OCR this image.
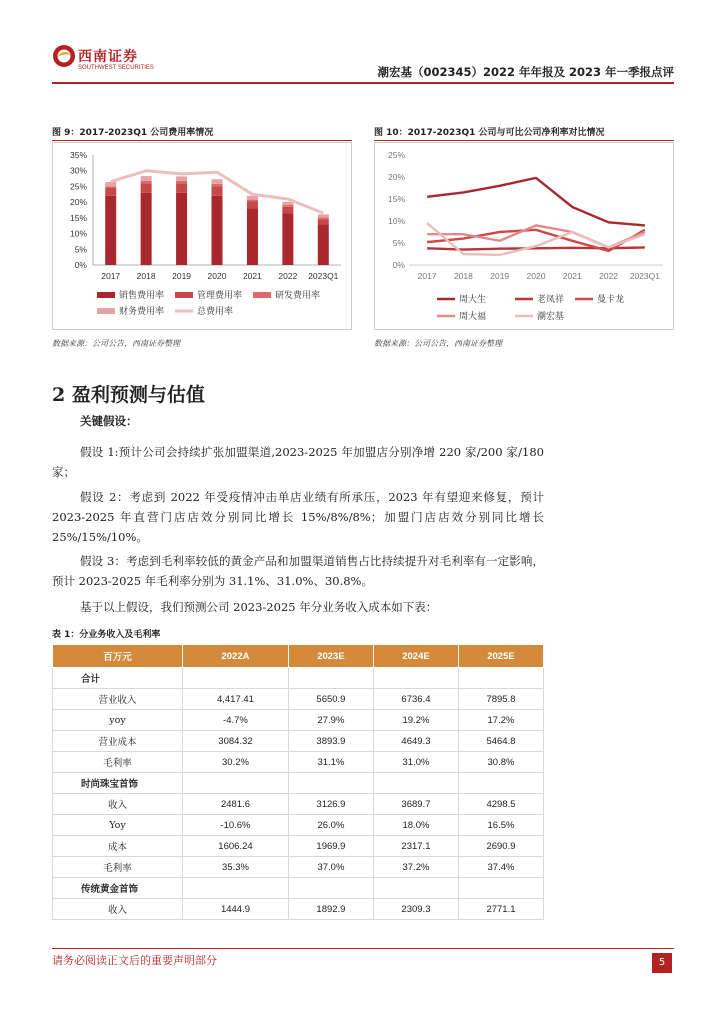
西南证券
SOUTHWEST SECURITIES	潮宏基（002345）2022 年年报及 2023 年一季报点评
图 9：2017-2023Q1 公司费用率情况
0%
5%
10%
15%
20%
25%
30%
35%
2017 2018 2019 2020 2021 2022 2023Q1
销售费用率	管理费用率	研发费用率
财务费用率	总费用率
数据来源：公司公告，西南证券整理
图 10：2017-2023Q1 公司与可比公司净利率对比情况
0%
5%
10%
15%
20%
25%
2017 2018 2019 2020 2021 2022 2023Q1
周大生	老凤祥	曼卡龙
周大福	潮宏基
数据来源：公司公告，西南证券整理
2 盈利预测与估值
关键假设：
假设 1:预计公司会持续扩张加盟渠道,2023-2025 年加盟店分别净增 220 家/200 家/180 家；
假设 2：考虑到 2022 年受疫情冲击单店业绩有所承压，2023 年有望迎来修复，预计 2023-2025 年直营门店店效分别同比增长 15%/8%/8%；加盟门店店效分别同比增长 25%/15%/10%。
假设 3：考虑到毛利率较低的黄金产品和加盟渠道销售占比持续提升对毛利率有一定影响，预计 2023-2025 年毛利率分别为 31.1%、31.0%、30.8%。
基于以上假设，我们预测公司 2023-2025 年分业务收入成本如下表：
表 1：分业务收入及毛利率
百万元	2022A	2023E	2024E	2025E
合计				
营业收入	4,417.41	5650.9	6736.4	7895.8
yoy	-4.7%	27.9%	19.2%	17.2%
营业成本	3084.32	3893.9	4649.3	5464.8
毛利率	30.2%	31.1%	31.0%	30.8%
时尚珠宝首饰				
收入	2481.6	3126.9	3689.7	4298.5
Yoy	-10.6%	26.0%	18.0%	16.5%
成本	1606.24	1969.9	2317.1	2690.9
毛利率	35.3%	37.0%	37.2%	37.4%
传统黄金首饰				
收入	1444.9	1892.9	2309.3	2771.1
请务必阅读正文后的重要声明部分	5
